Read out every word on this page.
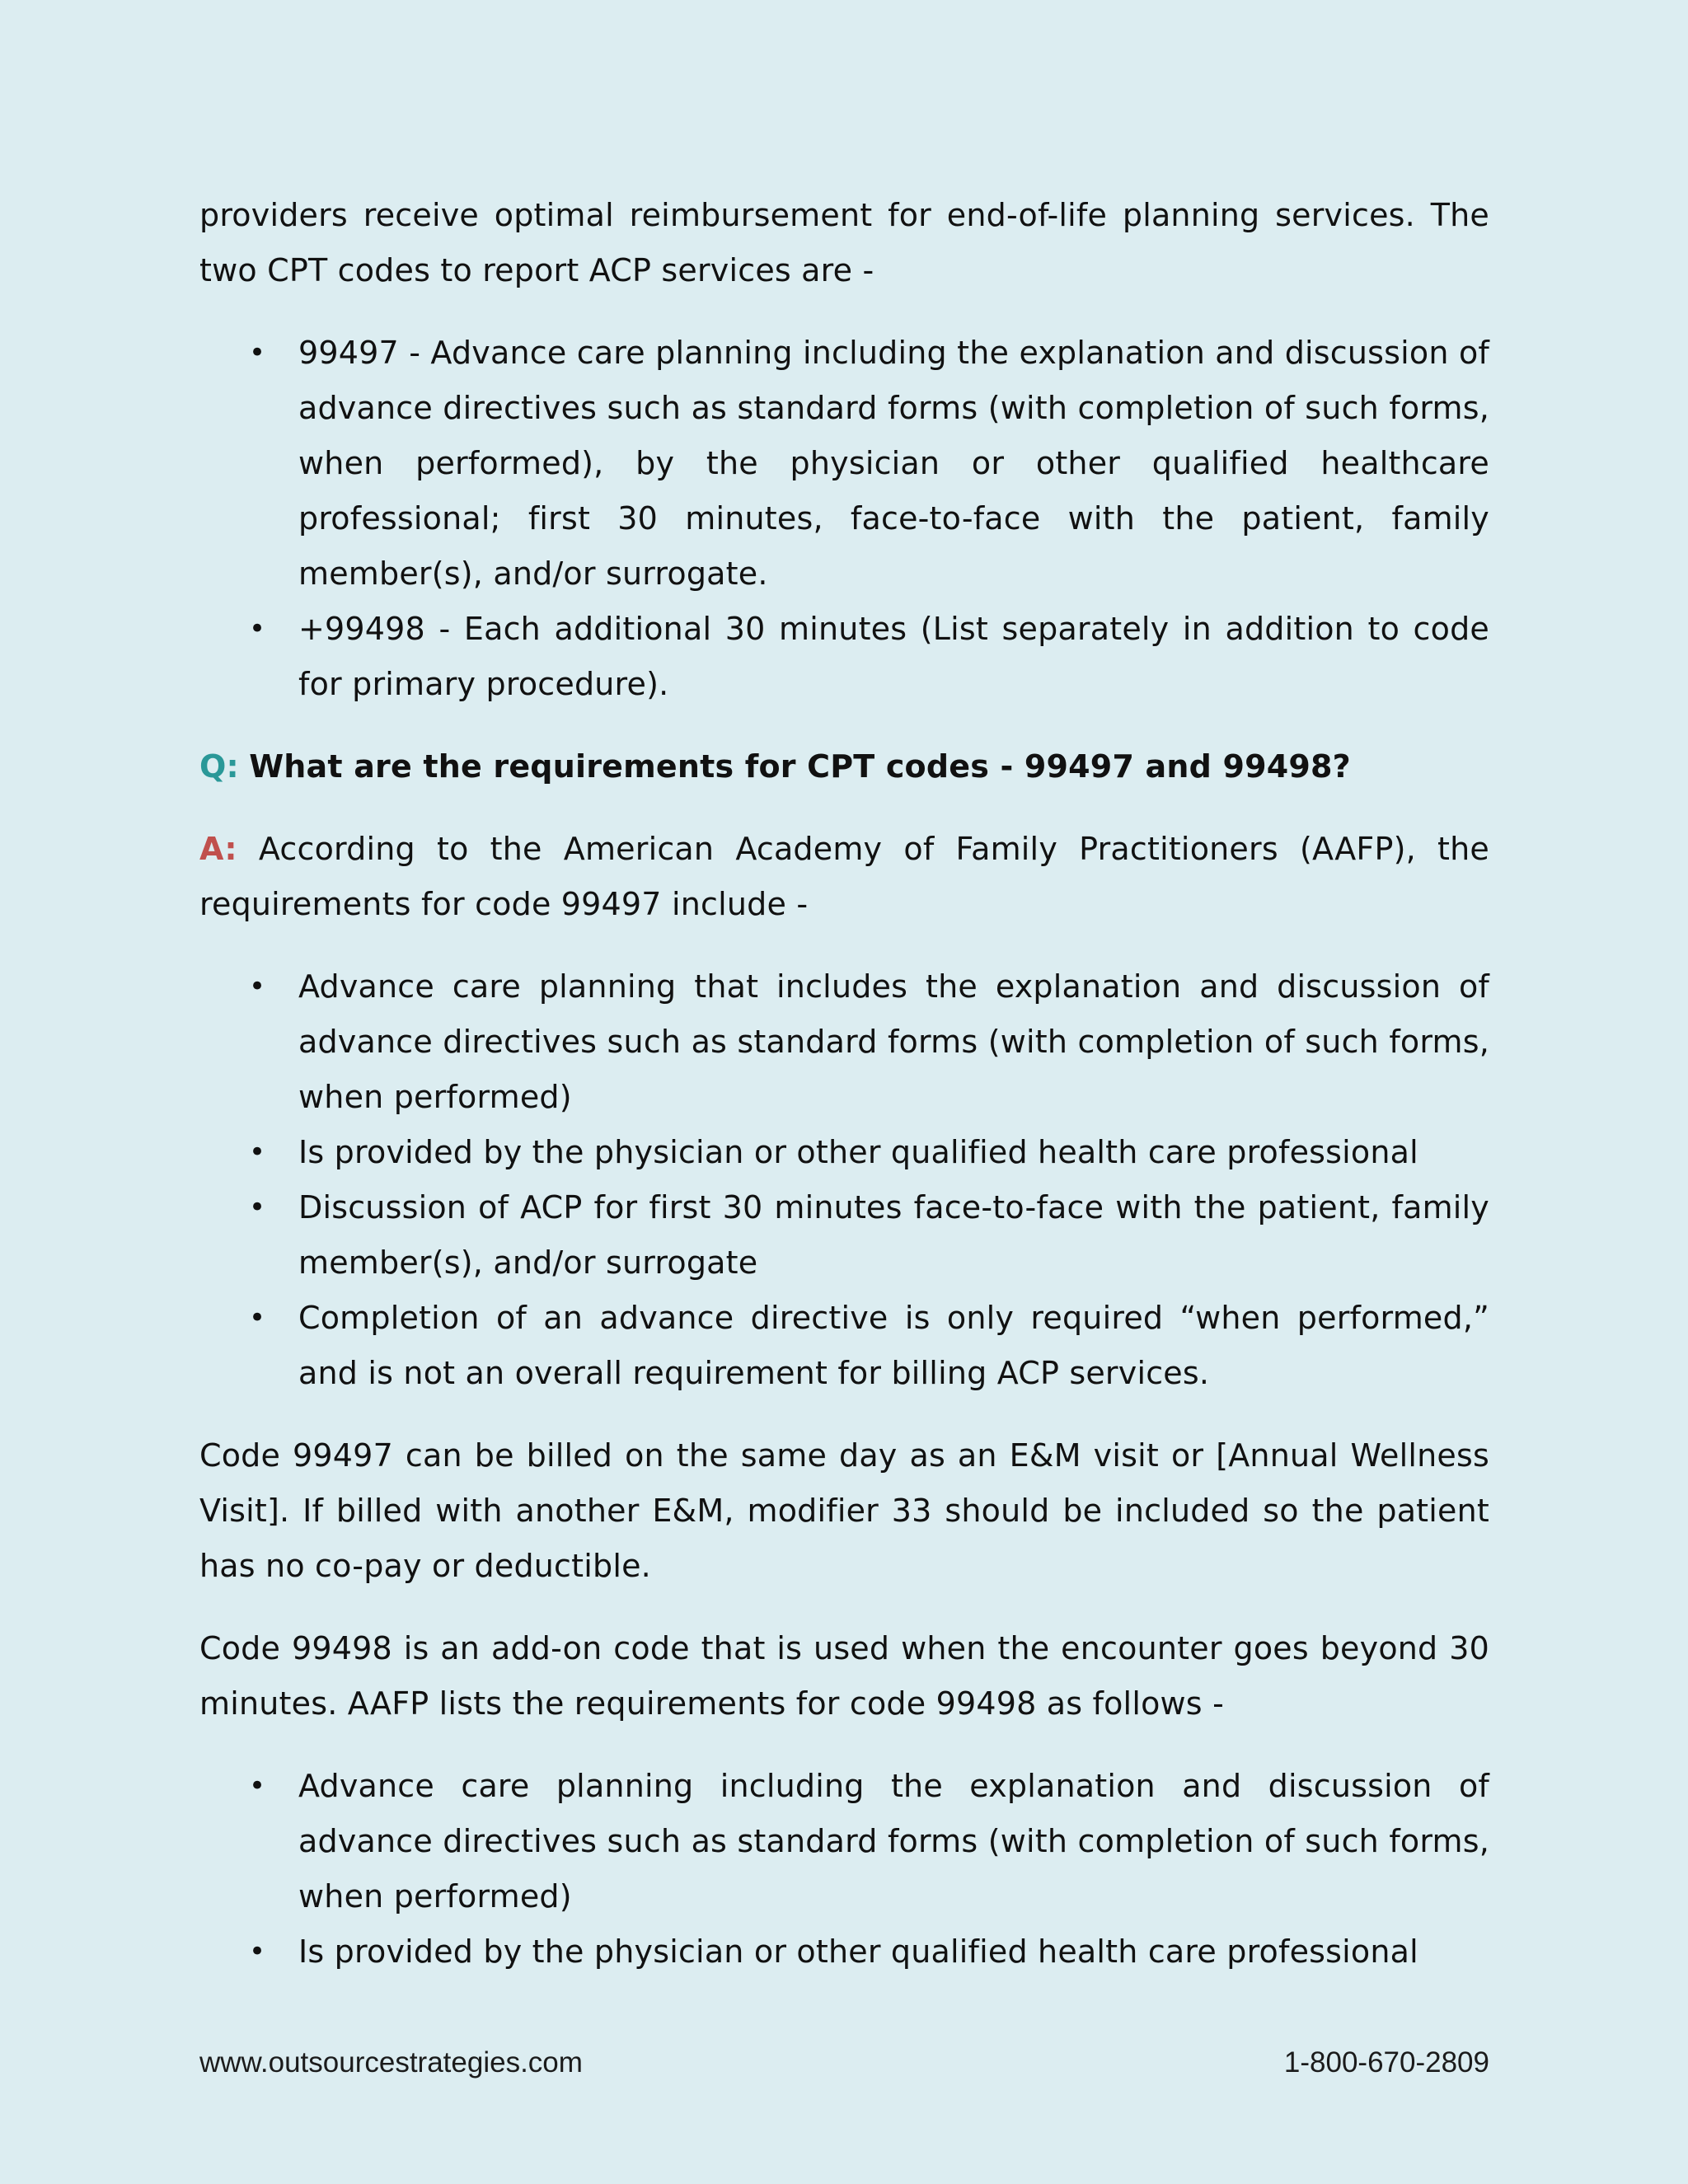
providers receive optimal reimbursement for end-of-life planning services. The two CPT codes to report ACP services are -

• 99497 - Advance care planning including the explanation and discussion of advance directives such as standard forms (with completion of such forms, when performed), by the physician or other qualified healthcare professional; first 30 minutes, face-to-face with the patient, family member(s), and/or surrogate.
• +99498 - Each additional 30 minutes (List separately in addition to code for primary procedure).

Q: What are the requirements for CPT codes - 99497 and 99498?

A: According to the American Academy of Family Practitioners (AAFP), the requirements for code 99497 include -

• Advance care planning that includes the explanation and discussion of advance directives such as standard forms (with completion of such forms, when performed)
• Is provided by the physician or other qualified health care professional
• Discussion of ACP for first 30 minutes face-to-face with the patient, family member(s), and/or surrogate
• Completion of an advance directive is only required “when performed,” and is not an overall requirement for billing ACP services.

Code 99497 can be billed on the same day as an E&M visit or [Annual Wellness Visit]. If billed with another E&M, modifier 33 should be included so the patient has no co-pay or deductible.

Code 99498 is an add-on code that is used when the encounter goes beyond 30 minutes. AAFP lists the requirements for code 99498 as follows -

• Advance care planning including the explanation and discussion of advance directives such as standard forms (with completion of such forms, when performed)
• Is provided by the physician or other qualified health care professional
www.outsourcestrategies.com	1-800-670-2809
